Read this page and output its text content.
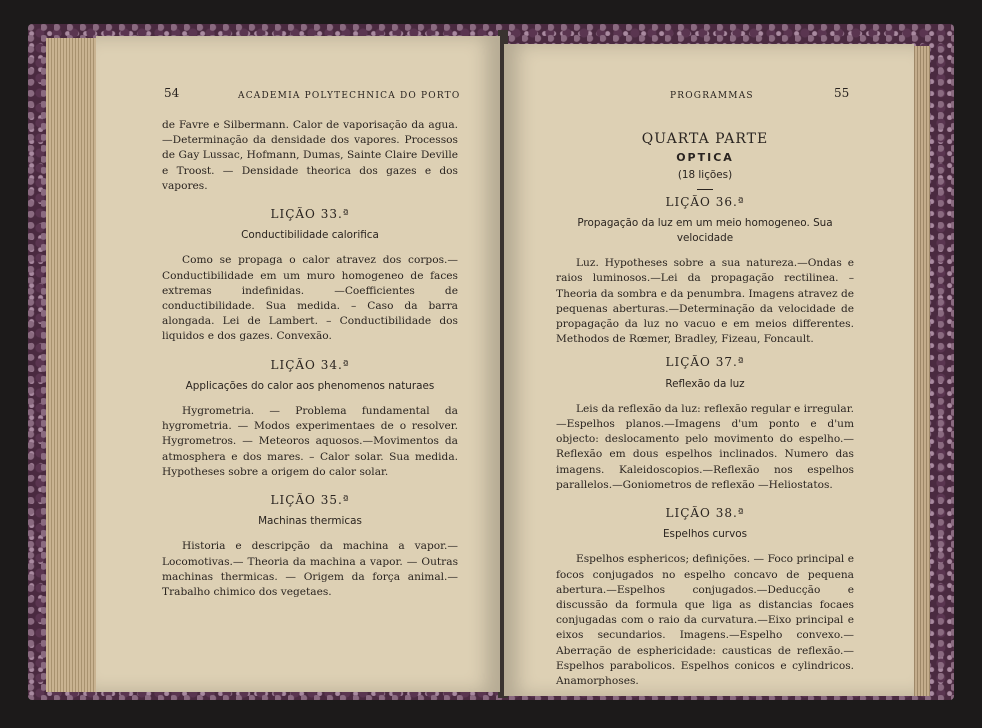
54	ACADEMIA POLYTECHNICA DO PORTO

de Favre e Silbermann. Calor de vaporisação da agua.—Determinação da densidade dos vapores. Processos de Gay Lussac, Hofmann, Dumas, Sainte Claire Deville e Troost. — Densidade theorica dos gazes e dos vapores.

LIÇÃO 33.ª

Conductibilidade calorifica

Como se propaga o calor atravez dos corpos.—Conductibilidade em um muro homogeneo de faces extremas indefinidas. —Coefficientes de conductibilidade. Sua medida. – Caso da barra alongada. Lei de Lambert. – Conductibilidade dos liquidos e dos gazes. Convexão.

LIÇÃO 34.ª

Applicações do calor aos phenomenos naturaes

Hygrometria. — Problema fundamental da hygrometria. — Modos experimentaes de o resolver. Hygrometros. — Meteoros aquosos.—Movimentos da atmosphera e dos mares. – Calor solar. Sua medida. Hypotheses sobre a origem do calor solar.

LIÇÃO 35.ª

Machinas thermicas

Historia e descripção da machina a vapor.—Locomotivas.— Theoria da machina a vapor. — Outras machinas thermicas. — Origem da força animal.—Trabalho chimico dos vegetaes.

PROGRAMMAS	55

QUARTA PARTE

OPTICA

(18 lições)

LIÇÃO 36.ª

Propagação da luz em um meio homogeneo. Sua velocidade

Luz. Hypotheses sobre a sua natureza.—Ondas e raios luminosos.—Lei da propagação rectilinea. – Theoria da sombra e da penumbra. Imagens atravez de pequenas aberturas.—Determinação da velocidade de propagação da luz no vacuo e em meios differentes. Methodos de Rœmer, Bradley, Fizeau, Foncault.

LIÇÃO 37.ª

Reflexão da luz

Leis da reflexão da luz: reflexão regular e irregular.—Espelhos planos.—Imagens d'um ponto e d'um objecto: deslocamento pelo movimento do espelho.—Reflexão em dous espelhos inclinados. Numero das imagens. Kaleidoscopios.—Reflexão nos espelhos parallelos.—Goniometros de reflexão —Heliostatos.

LIÇÃO 38.ª

Espelhos curvos

Espelhos esphericos; definições. — Foco principal e focos conjugados no espelho concavo de pequena abertura.—Espelhos conjugados.—Deducção e discussão da formula que liga as distancias focaes conjugadas com o raio da curvatura.—Eixo principal e eixos secundarios. Imagens.—Espelho convexo.—Aberração de esphericidade: causticas de reflexão.—Espelhos parabolicos. Espelhos conicos e cylindricos. Anamorphoses.
